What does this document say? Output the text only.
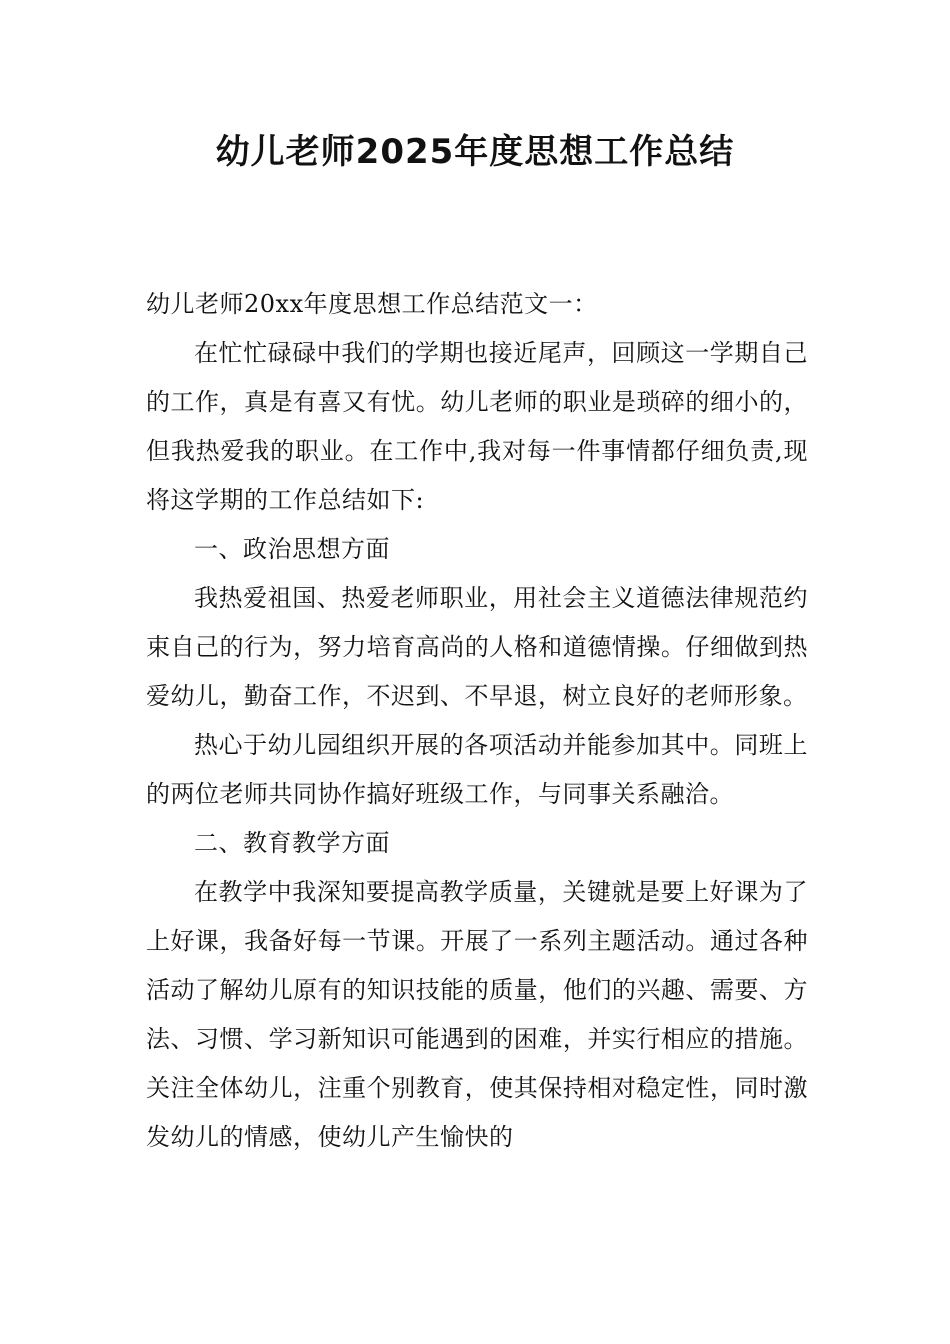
幼儿老师2025年度思想工作总结

幼儿老师20xx年度思想工作总结范文一：

在忙忙碌碌中我们的学期也接近尾声，回顾这一学期自己的工作，真是有喜又有忧。幼儿老师的职业是琐碎的细小的，但我热爱我的职业。在工作中,我对每一件事情都仔细负责,现将这学期的工作总结如下:

一、政治思想方面

我热爱祖国、热爱老师职业，用社会主义道德法律规范约束自己的行为，努力培育高尚的人格和道德情操。仔细做到热爱幼儿，勤奋工作，不迟到、不早退，树立良好的老师形象。

热心于幼儿园组织开展的各项活动并能参加其中。同班上的两位老师共同协作搞好班级工作，与同事关系融洽。

二、教育教学方面

在教学中我深知要提高教学质量，关键就是要上好课为了上好课，我备好每一节课。开展了一系列主题活动。通过各种活动了解幼儿原有的知识技能的质量，他们的兴趣、需要、方法、习惯、学习新知识可能遇到的困难，并实行相应的措施。关注全体幼儿，注重个别教育，使其保持相对稳定性，同时激发幼儿的情感，使幼儿产生愉快的
